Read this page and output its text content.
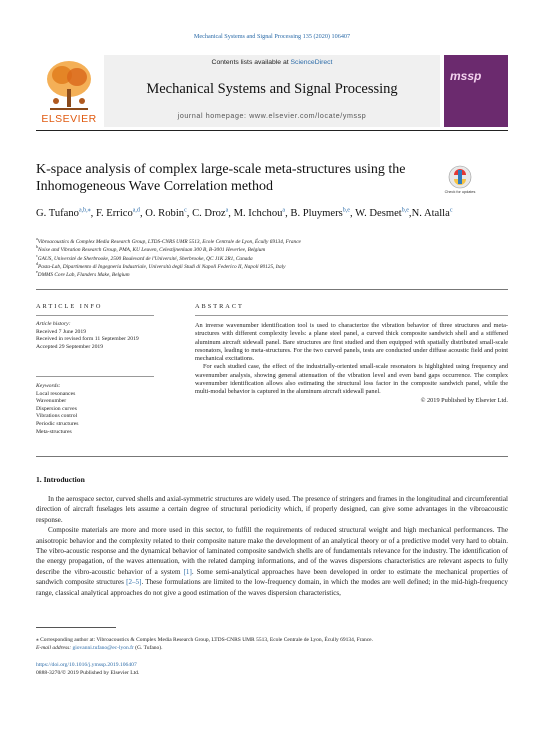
Mechanical Systems and Signal Processing 135 (2020) 106407
ELSEVIER
Contents lists available at ScienceDirect
Mechanical Systems and Signal Processing
journal homepage: www.elsevier.com/locate/ymssp
mssp
K-space analysis of complex large-scale meta-structures using the Inhomogeneous Wave Correlation method	Check for updates
G. Tufano$^{a,b,⁎}$, F. Errico$^{a,d}$, O. Robin$^c$, C. Droz$^a$, M. Ichchou$^a$, B. Pluymers$^{b,e}$, W. Desmet$^{b,e}$,N. Atalla$^c$
$^a$Vibroacoustics & Complex Media Research Group, LTDS-CNRS UMR 5513, Ecole Centrale de Lyon, Écully 69134, France
$^b$Noise and Vibration Research Group, PMA, KU Leuven, Celestijnenlaan 300 B, B-3001 Heverlee, Belgium
$^c$GAUS, Université de Sherbrooke, 2500 Boulevard de l'Université, Sherbrooke, QC J1K 2R1, Canada
$^d$Pasta-Lab, Dipartimento di Ingegneria Industriale, Università degli Studi di Napoli Federico II, Napoli 80125, Italy
$^e$DMMS Core Lab, Flanders Make, Belgium
ARTICLE INFO	ABSTRACT
Article history:
Received 7 June 2019
Received in revised form 11 September 2019
Accepted 29 September 2019
Keywords:
Local resonances
Wavenumber
Dispersion curves
Vibrations control
Periodic structures
Meta-structures

An inverse wavenumber identification tool is used to characterize the vibration behavior of three structures and meta-structures with different complexity levels: a plane steel panel, a curved thick composite sandwich shell and a stiffened aluminum aircraft sidewall panel. Bare structures are first studied and then equipped with spatially distributed small-scale resonators, leading to meta-structures. For the two curved panels, tests are conducted under diffuse acoustic field and point mechanical excitations.

For each studied case, the effect of the industrially-oriented small-scale resonators is highlighted using frequency and wavenumber analysis, showing general attenuation of the vibration level and even band gaps occurrence. The complex wavenumber identification allows also estimating the structural loss factor in the composite sandwich panel, while the multi-modal behavior is captured in the aluminum aircraft sidewall panel.

© 2019 Published by Elsevier Ltd.
1. Introduction

In the aerospace sector, curved shells and axial-symmetric structures are widely used. The presence of stringers and frames in the longitudinal and circumferential direction of aircraft fuselages lets assume a certain degree of structural periodicity which, if properly designed, can give some advantages in the vibroacoustic response.

Composite materials are more and more used in this sector, to fulfill the requirements of reduced structural weight and high mechanical performances. The anisotropic behavior and the complexity related to their composite nature make the development of an analytical theory or of a predictive model very hard to obtain. The vibro-acoustic response and the dynamical behavior of laminated composite sandwich shells are of fundamentals relevance for the industry. The identification of the energy propagation, of the waves attenuation, with the related damping informations, and of the waves dispersions characteristics are relevant aspects to fully describe the vibro-acoustic behavior of a system [1]. Some semi-analytical approaches have been developed in order to estimate the mechanical properties of sandwich composite structures [2–5]. These formulations are limited to the low-frequency domain, in which the modes are well defined; in the mid-high-frequency range, classical analytical approaches do not give a good estimation of the waves dispersion characteristics,

⁎ Corresponding author at: Vibroacoustics & Complex Media Research Group, LTDS-CNRS UMR 5513, Ecole Centrale de Lyon, Écully 69134, France.
E-mail address: giovanni.tufano@ec-lyon.fr (G. Tufano).
https://doi.org/10.1016/j.ymssp.2019.106407
0888-3270/© 2019 Published by Elsevier Ltd.
